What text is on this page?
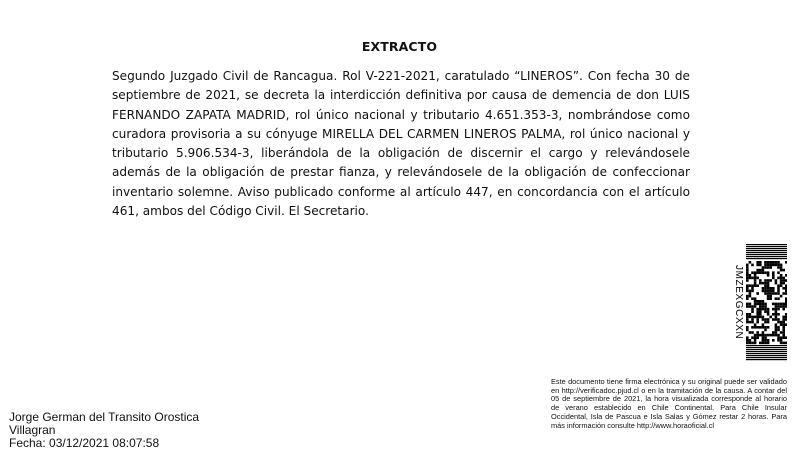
EXTRACTO
Segundo Juzgado Civil de Rancagua. Rol V-221-2021, caratulado “LINEROS”. Con fecha 30 de septiembre de 2021, se decreta la interdicción definitiva por causa de demencia de don LUIS FERNANDO ZAPATA MADRID, rol único nacional y tributario 4.651.353-3, nombrándose como curadora provisoria a su cónyuge MIRELLA DEL CARMEN LINEROS PALMA, rol único nacional y tributario 5.906.534-3, liberándola de la obligación de discernir el cargo y relevándosele además de la obligación de prestar fianza, y relevándosele de la obligación de confeccionar inventario solemne. Aviso publicado conforme al artículo 447, en concordancia con el artículo 461, ambos del Código Civil. El Secretario.
JMZEXGCXXN
Jorge German del Transito Orostica
Villagran
Fecha: 03/12/2021 08:07:58
Este documento tiene firma electrónica y su original puede ser validado en http://verificadoc.pjud.cl o en la tramitación de la causa. A contar del 05 de septiembre de 2021, la hora visualizada corresponde al horario de verano establecido en Chile Continental. Para Chile Insular Occidental, Isla de Pascua e Isla Salas y Gómez restar 2 horas. Para más información consulte http://www.horaoficial.cl
